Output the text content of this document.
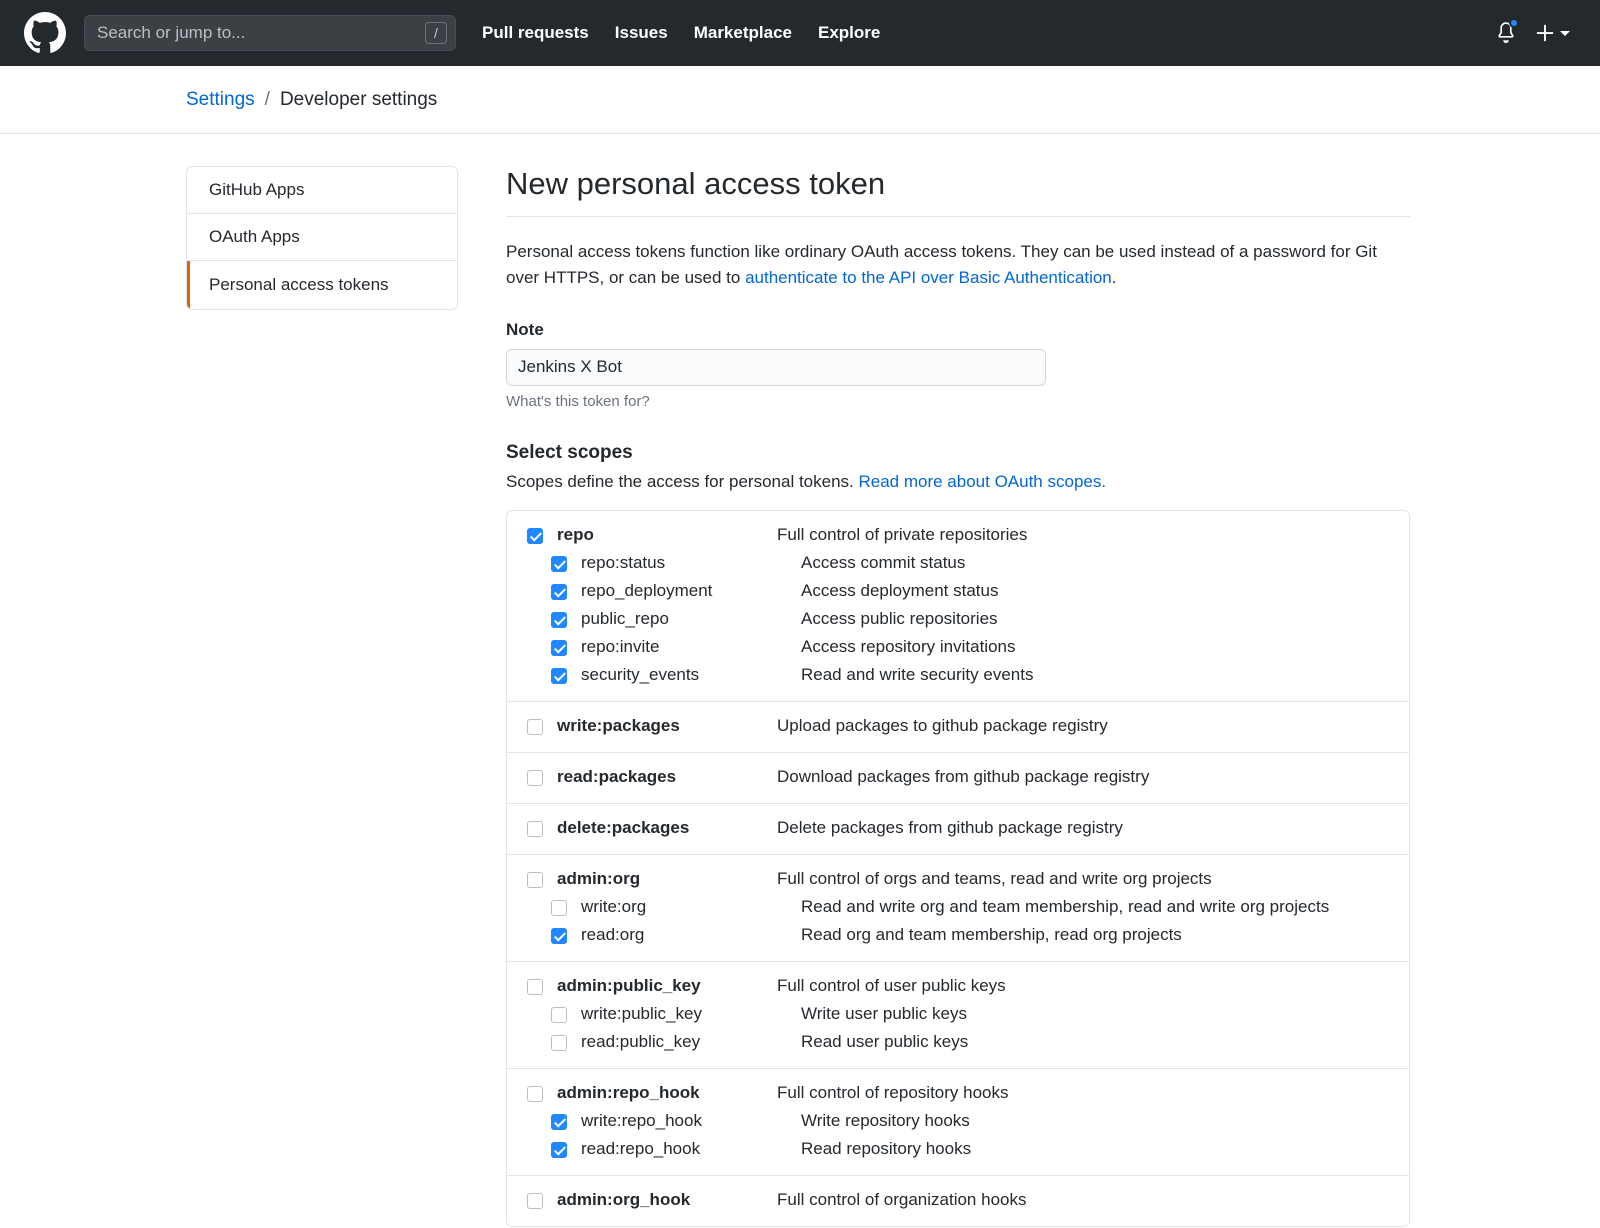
Search or jump to...
/	Pull requests Issues Marketplace Explore
Settings / Developer settings
GitHub Apps
OAuth Apps
Personal access tokens
New personal access token

Personal access tokens function like ordinary OAuth access tokens. They can be used instead of a password for Git over HTTPS, or can be used to authenticate to the API over Basic Authentication.

Note
Jenkins X Bot
What's this token for?
Select scopes
Scopes define the access for personal tokens. Read more about OAuth scopes.
repo	Full control of private repositories
repo:status	Access commit status
repo_deployment	Access deployment status
public_repo	Access public repositories
repo:invite	Access repository invitations
security_events	Read and write security events
write:packages	Upload packages to github package registry
read:packages	Download packages from github package registry
delete:packages	Delete packages from github package registry
admin:org	Full control of orgs and teams, read and write org projects
write:org	Read and write org and team membership, read and write org projects
read:org	Read org and team membership, read org projects
admin:public_key	Full control of user public keys
write:public_key	Write user public keys
read:public_key	Read user public keys
admin:repo_hook	Full control of repository hooks
write:repo_hook	Write repository hooks
read:repo_hook	Read repository hooks
admin:org_hook	Full control of organization hooks
